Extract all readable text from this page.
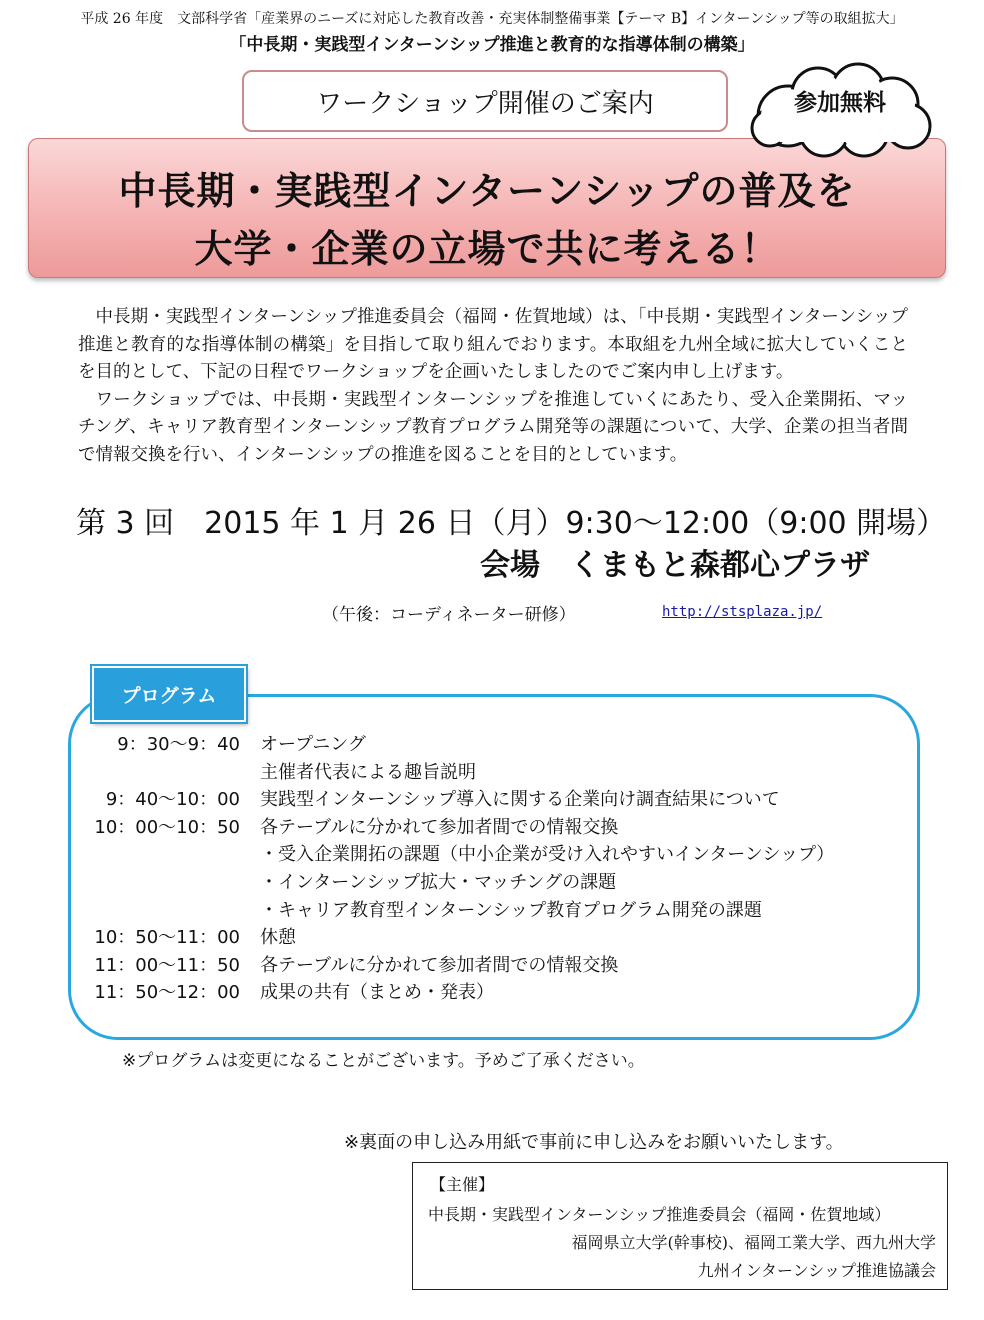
平成 26 年度　文部科学省「産業界のニーズに対応した教育改善・充実体制整備事業【テーマ B】インターンシップ等の取組拡大」
「中長期・実践型インターンシップ推進と教育的な指導体制の構築」
ワークショップ開催のご案内	参加無料
中長期・実践型インターンシップの普及を
大学・企業の立場で共に考える！

中長期・実践型インターンシップ推進委員会（福岡・佐賀地域）は、「中長期・実践型インターンシップ推進と教育的な指導体制の構築」を目指して取り組んでおります。本取組を九州全域に拡大していくことを目的として、下記の日程でワークショップを企画いたしましたのでご案内申し上げます。

ワークショップでは、中長期・実践型インターンシップを推進していくにあたり、受入企業開拓、マッチング、キャリア教育型インターンシップ教育プログラム開発等の課題について、大学、企業の担当者間で情報交換を行い、インターンシップの推進を図ることを目的としています。

第 3 回　2015 年 1 月 26 日（月）9:30～12:00（9:00 開場）
会場　くまもと森都心プラザ
（午後：コーディネーター研修）	http://stsplaza.jp/
プログラム
9：30～9：40 オープニング
主催者代表による趣旨説明
9：40～10：00 実践型インターンシップ導入に関する企業向け調査結果について
10：00～10：50 各テーブルに分かれて参加者間での情報交換
・受入企業開拓の課題（中小企業が受け入れやすいインターンシップ）
・インターンシップ拡大・マッチングの課題
・キャリア教育型インターンシップ教育プログラム開発の課題
10：50～11：00 休憩
11：00～11：50 各テーブルに分かれて参加者間での情報交換
11：50～12：00 成果の共有（まとめ・発表）
※プログラムは変更になることがございます。予めご了承ください。
※裏面の申し込み用紙で事前に申し込みをお願いいたします。
【主催】
中長期・実践型インターンシップ推進委員会（福岡・佐賀地域）
福岡県立大学(幹事校)、福岡工業大学、西九州大学
九州インターンシップ推進協議会
